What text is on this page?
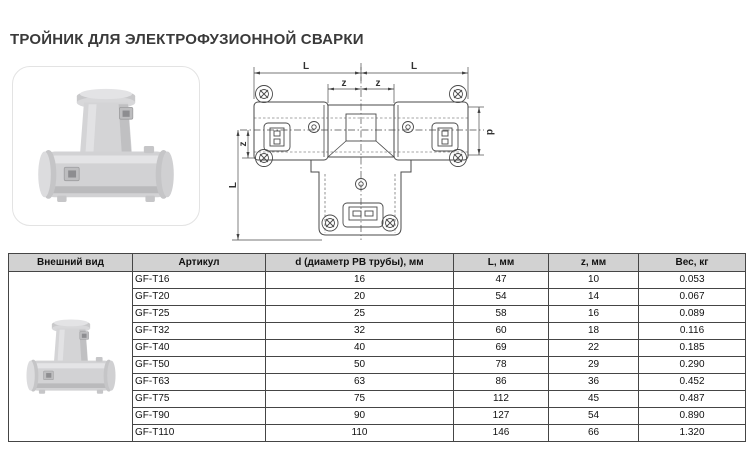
ТРОЙНИК ДЛЯ ЭЛЕКТРОФУЗИОННОЙ СВАРКИ
L	L
z	z
z
d
L
Внешний вид	Артикул	d (диаметр PB трубы), мм	L, мм	z, мм	Вес, кг
	GF-T16	16	47	10	0.053
	GF-T20	20	54	14	0.067
	GF-T25	25	58	16	0.089
	GF-T32	32	60	18	0.116
	GF-T40	40	69	22	0.185
	GF-T50	50	78	29	0.290
	GF-T63	63	86	36	0.452
	GF-T75	75	112	45	0.487
	GF-T90	90	127	54	0.890
	GF-T110	110	146	66	1.320
